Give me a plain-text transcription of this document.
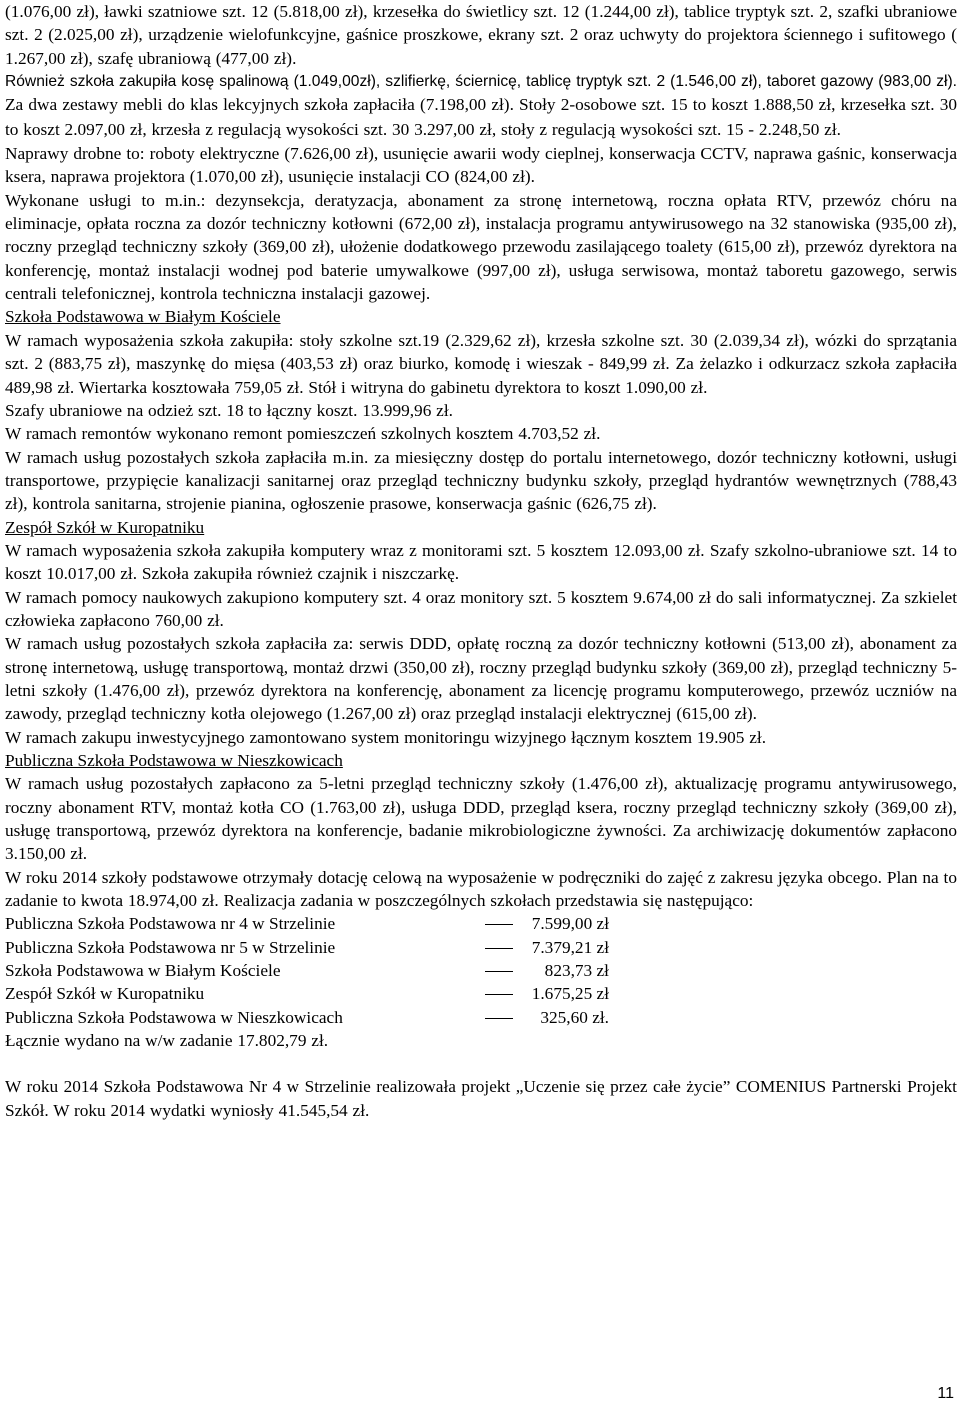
(1.076,00 zł), ławki szatniowe szt. 12 (5.818,00 zł), krzesełka do świetlicy szt. 12 (1.244,00 zł), tablice tryptyk szt. 2, szafki ubraniowe szt. 2 (2.025,00 zł), urządzenie wielofunkcyjne, gaśnice proszkowe, ekrany szt. 2 oraz uchwyty do projektora ściennego i sufitowego ( 1.267,00 zł), szafę ubraniową (477,00 zł).

Również szkoła zakupiła kosę spalinową (1.049,00zł), szlifierkę, ściernicę, tablicę tryptyk szt. 2 (1.546,00 zł), taboret gazowy (983,00 zł). Za dwa zestawy mebli do klas lekcyjnych szkoła zapłaciła (7.198,00 zł). Stoły 2-osobowe szt. 15 to koszt 1.888,50 zł, krzesełka szt. 30 to koszt 2.097,00 zł, krzesła z regulacją wysokości szt. 30 3.297,00 zł, stoły z regulacją wysokości szt. 15 - 2.248,50 zł.

Naprawy drobne to: roboty elektryczne (7.626,00 zł), usunięcie awarii wody cieplnej, konserwacja CCTV, naprawa gaśnic, konserwacja ksera, naprawa projektora (1.070,00 zł), usunięcie instalacji CO (824,00 zł).

Wykonane usługi to m.in.: dezynsekcja, deratyzacja, abonament za stronę internetową, roczna opłata RTV, przewóz chóru na eliminacje, opłata roczna za dozór techniczny kotłowni (672,00 zł), instalacja programu antywirusowego na 32 stanowiska (935,00 zł), roczny przegląd techniczny szkoły (369,00 zł), ułożenie dodatkowego przewodu zasilającego toalety (615,00 zł), przewóz dyrektora na konferencję, montaż instalacji wodnej pod baterie umywalkowe (997,00 zł), usługa serwisowa, montaż taboretu gazowego, serwis centrali telefonicznej, kontrola techniczna instalacji gazowej.

Szkoła Podstawowa w Białym Kościele

W ramach wyposażenia szkoła zakupiła: stoły szkolne szt.19 (2.329,62 zł), krzesła szkolne szt. 30 (2.039,34 zł), wózki do sprzątania szt. 2 (883,75 zł), maszynkę do mięsa (403,53 zł) oraz biurko, komodę i wieszak - 849,99 zł. Za żelazko i odkurzacz szkoła zapłaciła 489,98 zł. Wiertarka kosztowała 759,05 zł. Stół i witryna do gabinetu dyrektora to koszt 1.090,00 zł.

Szafy ubraniowe na odzież szt. 18 to łączny koszt. 13.999,96 zł.

W ramach remontów wykonano remont pomieszczeń szkolnych kosztem 4.703,52 zł.

W ramach usług pozostałych szkoła zapłaciła m.in. za miesięczny dostęp do portalu internetowego, dozór techniczny kotłowni, usługi transportowe, przypięcie kanalizacji sanitarnej oraz przegląd techniczny budynku szkoły, przegląd hydrantów wewnętrznych (788,43 zł), kontrola sanitarna, strojenie pianina, ogłoszenie prasowe, konserwacja gaśnic (626,75 zł).

Zespół Szkół w Kuropatniku

W ramach wyposażenia szkoła zakupiła komputery wraz z monitorami szt. 5 kosztem 12.093,00 zł. Szafy szkolno-ubraniowe szt. 14 to koszt 10.017,00 zł. Szkoła zakupiła również czajnik i niszczarkę.

W ramach pomocy naukowych zakupiono komputery szt. 4 oraz monitory szt. 5 kosztem 9.674,00 zł do sali informatycznej. Za szkielet człowieka zapłacono 760,00 zł.

W ramach usług pozostałych szkoła zapłaciła za: serwis DDD, opłatę roczną za dozór techniczny kotłowni (513,00 zł), abonament za stronę internetową, usługę transportową, montaż drzwi (350,00 zł), roczny przegląd budynku szkoły (369,00 zł), przegląd techniczny 5-letni szkoły (1.476,00 zł), przewóz dyrektora na konferencję, abonament za licencję programu komputerowego, przewóz uczniów na zawody, przegląd techniczny kotła olejowego (1.267,00 zł) oraz przegląd instalacji elektrycznej (615,00 zł).

W ramach zakupu inwestycyjnego zamontowano system monitoringu wizyjnego łącznym kosztem 19.905 zł.

Publiczna Szkoła Podstawowa w Nieszkowicach

W ramach usług pozostałych zapłacono za 5-letni przegląd techniczny szkoły (1.476,00 zł), aktualizację programu antywirusowego, roczny abonament RTV, montaż kotła CO (1.763,00 zł), usługa DDD, przegląd ksera, roczny przegląd techniczny szkoły (369,00 zł), usługę transportową, przewóz dyrektora na konferencje, badanie mikrobiologiczne żywności. Za archiwizację dokumentów zapłacono 3.150,00 zł.

W roku 2014 szkoły podstawowe otrzymały dotację celową na wyposażenie w podręczniki do zajęć z zakresu języka obcego. Plan na to zadanie to kwota 18.974,00 zł. Realizacja zadania w poszczególnych szkołach przedstawia się następująco:

Publiczna Szkoła Podstawowa nr 4 w Strzelinie	7.599,00 zł
Publiczna Szkoła Podstawowa nr 5 w Strzelinie	7.379,21 zł
Szkoła Podstawowa w Białym Kościele	823,73 zł
Zespół Szkół w Kuropatniku	1.675,25 zł
Publiczna Szkoła Podstawowa w Nieszkowicach	325,60 zł.

Łącznie wydano na w/w zadanie 17.802,79 zł.

W roku 2014 Szkoła Podstawowa Nr 4 w Strzelinie realizowała projekt „Uczenie się przez całe życie” COMENIUS Partnerski Projekt Szkół. W roku 2014 wydatki wyniosły 41.545,54 zł.

11
